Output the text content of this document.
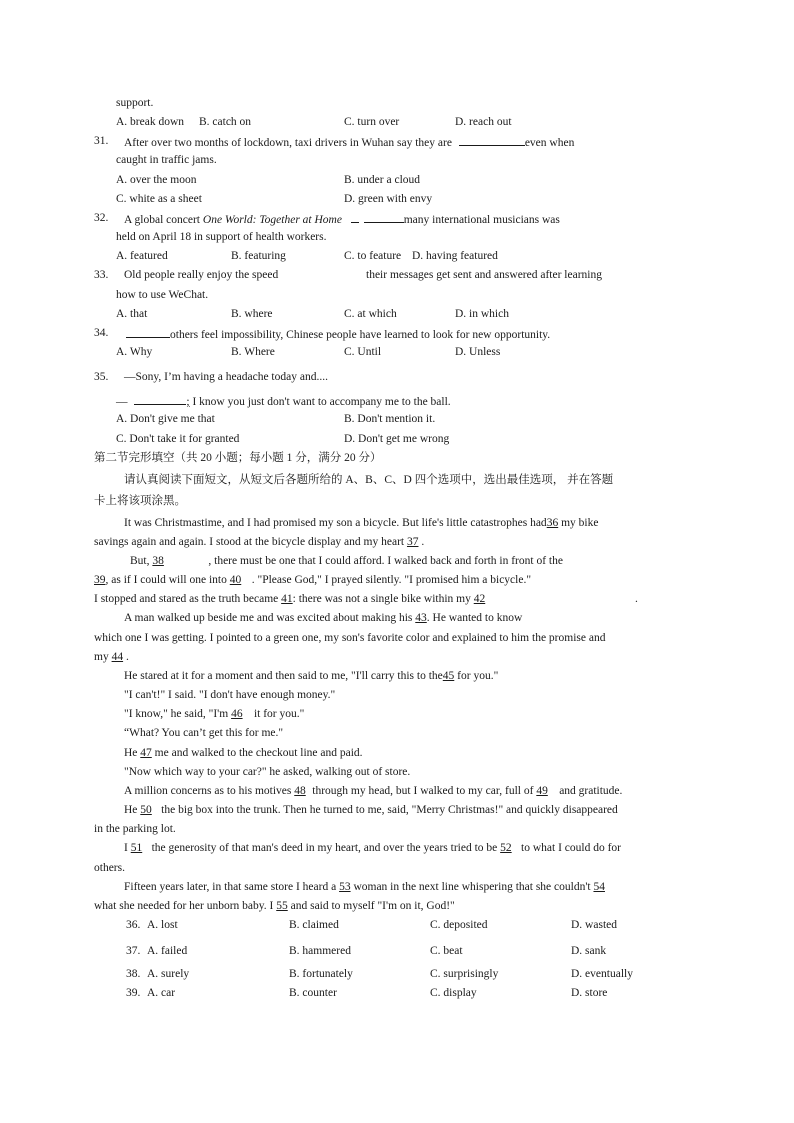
support.
A. break down B. catch on	C. turn over	D. reach out
31. After over two months of lockdown, taxi drivers in Wuhan say they are	even when
caught in traffic jams.
A. over the moon	B. under a cloud
C. white as a sheet	D. green with envy
32. A global concert One World: Together at Home	many international musicians was
held on April 18 in support of health workers.
A. featured	B. featuring	C. to feature D. having featured
33. Old people really enjoy the speed	their messages get sent and answered after learning
how to use WeChat.
A. that	B. where	C. at which	D. in which
34.	others feel impossibility, Chinese people have learned to look for new opportunity.
A. Why	B. Where	C. Until	D. Unless
35. —Sony, I’m having a headache today and....
—	; I know you just don't want to accompany me to the ball.
A. Don't give me that	B. Don't mention it.
C. Don't take it for granted	D. Don't get me wrong
第二节完形填空（共 20 小题；每小题 1 分，满分 20 分）
请认真阅读下面短文，从短文后各题所给的 A、B、C、D 四个选项中，选出最佳选项， 并在答题
卡上将该项涂黑。
It was Christmastime, and I had promised my son a bicycle. But life's little catastrophes had36 my bike
savings again and again. I stood at the bicycle display and my heart 37 .
But, 38	, there must be one that I could afford. I walked back and forth in front of the
39, as if I could will one into 40 . "Please God," I prayed silently. "I promised him a bicycle."
I stopped and stared as the truth became 41: there was not a single bike within my 42	.
A man walked up beside me and was excited about making his 43. He wanted to know
which one I was getting. I pointed to a green one, my son's favorite color and explained to him the promise and
my 44 .
He stared at it for a moment and then said to me, "I'll carry this to the45 for you."
"I can't!" I said. "I don't have enough money."
"I know," he said, "I'm 46 it for you."
“What? You can’t get this for me."
He 47 me and walked to the checkout line and paid.
"Now which way to your car?" he asked, walking out of store.
A million concerns as to his motives 48 through my head, but I walked to my car, full of 49 and gratitude.
He 50 the big box into the trunk. Then he turned to me, said, "Merry Christmas!" and quickly disappeared
in the parking lot.
I 51 the generosity of that man's deed in my heart, and over the years tried to be 52 to what I could do for
others.
Fifteen years later, in that same store I heard a 53 woman in the next line whispering that she couldn't 54
what she needed for her unborn baby. I 55 and said to myself "I'm on it, God!"
36. A. lost	B. claimed	C. deposited	D. wasted
37. A. failed	B. hammered	C. beat	D. sank
38. A. surely	B. fortunately	C. surprisingly	D. eventually
39. A. car	B. counter	C. display	D. store
